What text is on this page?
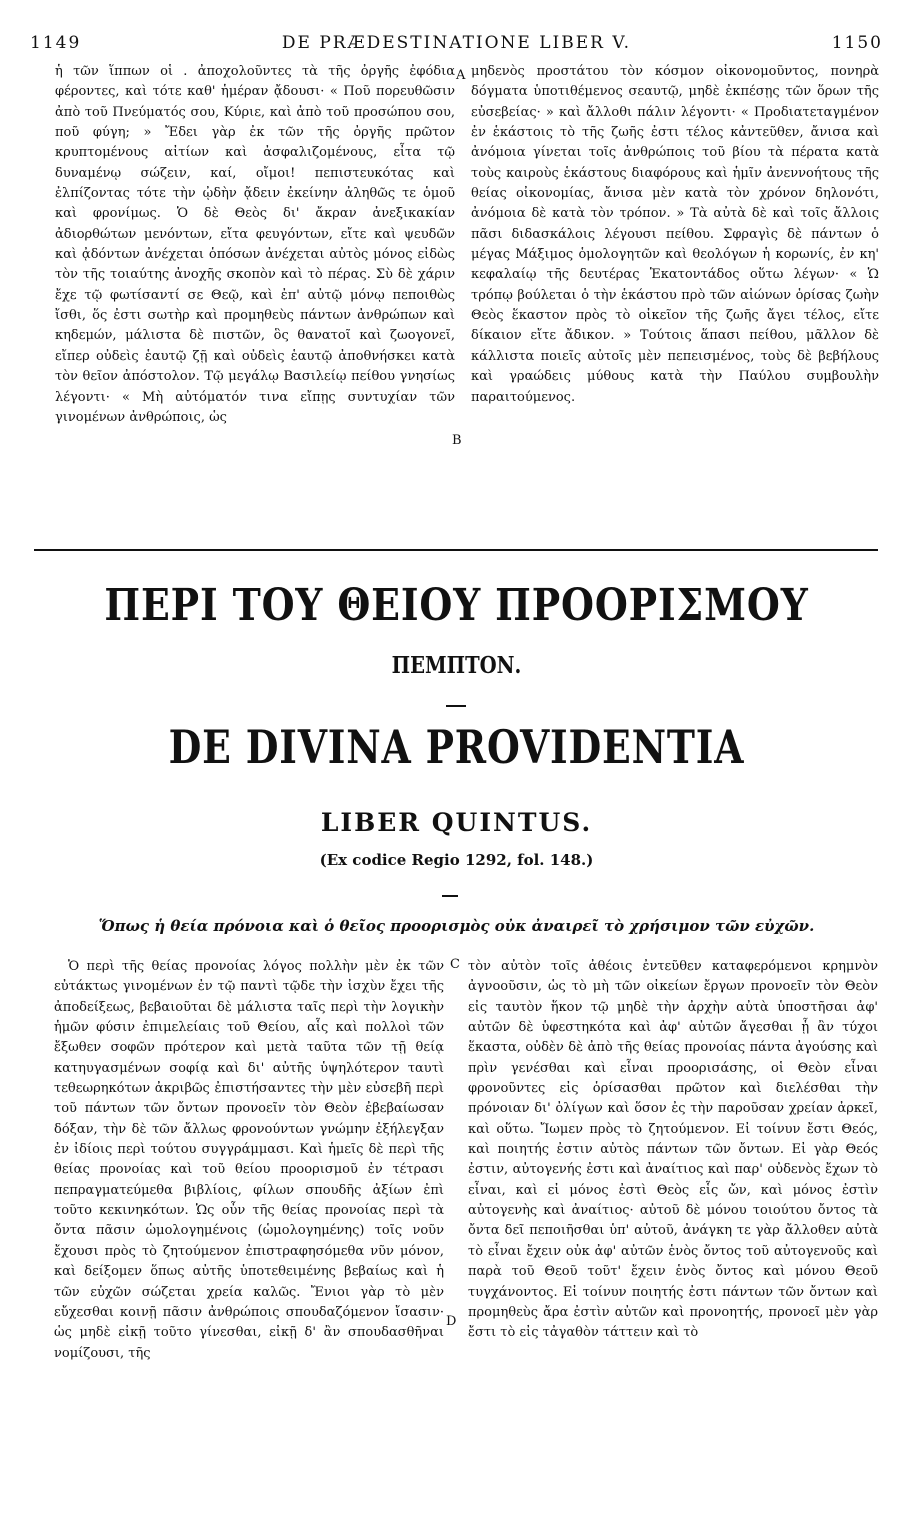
1149	DE PRÆDESTINATIONE LIBER V.	1150

ἡ τῶν ἵππων οἱ . ἀποχολοῦντες τὰ τῆς ὀργῆς ἐφόδια φέροντες, καὶ τότε καθ' ἡμέραν ᾄδουσι· « Ποῦ πορευθῶσιν ἀπὸ τοῦ Πνεύματός σου, Κύριε, καὶ ἀπὸ τοῦ προσώπου σου, ποῦ φύγη; » Ἔδει γὰρ ἐκ τῶν τῆς ὀργῆς πρῶτον κρυπτομένους αἰτίων καὶ ἀσφαλιζομένους, εἶτα τῷ δυναμένῳ σώζειν, καί, οἴμοι! πεπιστευκότας καὶ ἐλπίζοντας τότε τὴν ᾠδὴν ᾄδειν ἐκείνην ἀληθῶς τε ὁμοῦ καὶ φρονίμως. Ὁ δὲ Θεὸς δι' ἄκραν ἀνεξικακίαν ἀδιορθώτων μενόντων, εἴτα φευγόντων, εἴτε καὶ ψευδῶν καὶ ᾀδόντων ἀνέχεται ὁπόσων ἀνέχεται αὐτὸς μόνος εἰδὼς τὸν τῆς τοιαύτης ἀνοχῆς σκοπὸν καὶ τὸ πέρας. Σὺ δὲ χάριν ἔχε τῷ φωτίσαντί σε Θεῷ, καὶ ἐπ' αὐτῷ μόνῳ πεποιθὼς ἴσθι, ὅς ἐστι σωτὴρ καὶ προμηθεὺς πάντων ἀνθρώπων καὶ κηδεμών, μάλιστα δὲ πιστῶν, ὃς θανατοῖ καὶ ζωογονεῖ, εἴπερ οὐδεὶς ἑαυτῷ ζῇ καὶ οὐδεὶς ἑαυτῷ ἀποθνήσκει κατὰ τὸν θεῖον ἀπόστολον. Τῷ μεγάλῳ Βασιλείῳ πείθου γνησίως λέγοντι· « Μὴ αὐτόματόν τινα εἴπῃς συντυχίαν τῶν γινομένων ἀνθρώποις, ὡς

A
B

μηδενὸς προστάτου τὸν κόσμον οἰκονομοῦντος, πονηρὰ δόγματα ὑποτιθέμενος σεαυτῷ, μηδὲ ἐκπέσῃς τῶν ὅρων τῆς εὐσεβείας· » καὶ ἄλλοθι πάλιν λέγοντι· « Προδιατεταγμένον ἐν ἑκάστοις τὸ τῆς ζωῆς ἐστι τέλος κἀντεῦθεν, ἄνισα καὶ ἀνόμοια γίνεται τοῖς ἀνθρώποις τοῦ βίου τὰ πέρατα κατὰ τοὺς καιροὺς ἑκάστους διαφόρους καὶ ἡμῖν ἀνεννοήτους τῆς θείας οἰκονομίας, ἄνισα μὲν κατὰ τὸν χρόνον δηλονότι, ἀνόμοια δὲ κατὰ τὸν τρόπον. » Τὰ αὐτὰ δὲ καὶ τοῖς ἄλλοις πᾶσι διδασκάλοις λέγουσι πείθου. Σφραγὶς δὲ πάντων ὁ μέγας Μάξιμος ὁμολογητῶν καὶ θεολόγων ἡ κορωνίς, ἐν κη' κεφαλαίῳ τῆς δευτέρας Ἑκατοντάδος οὕτω λέγων· « Ὡ τρόπῳ βούλεται ὁ τὴν ἑκάστου πρὸ τῶν αἰώνων ὁρίσας ζωὴν Θεὸς ἕκαστον πρὸς τὸ οἰκεῖον τῆς ζωῆς ἄγει τέλος, εἴτε δίκαιον εἴτε ἄδικον. » Τούτοις ἅπασι πείθου, μᾶλλον δὲ κάλλιστα ποιεῖς αὐτοῖς μὲν πεπεισμένος, τοὺς δὲ βεβήλους καὶ γραώδεις μύθους κατὰ τὴν Παύλου συμβουλὴν παραιτούμενος.

ΠΕΡΙ ΤΟΥ ΘΕΙΟΥ ΠΡΟΟΡΙΣΜΟΥ
ΠΕΜΠΤΟΝ.
DE DIVINA PROVIDENTIA
LIBER QUINTUS.
(Ex codice Regio 1292, fol. 148.)
Ὅπως ἡ θεία πρόνοια καὶ ὁ θεῖος προορισμὸς οὐκ ἀναιρεῖ τὸ χρήσιμον τῶν εὐχῶν.

Ὁ περὶ τῆς θείας προνοίας λόγος πολλὴν μὲν ἐκ τῶν εὐτάκτως γινομένων ἐν τῷ παντὶ τῷδε τὴν ἰσχὺν ἔχει τῆς ἀποδείξεως, βεβαιοῦται δὲ μάλιστα ταῖς περὶ τὴν λογικὴν ἡμῶν φύσιν ἐπιμελείαις τοῦ Θείου, αἷς καὶ πολλοὶ τῶν ἔξωθεν σοφῶν πρότερον καὶ μετὰ ταῦτα τῶν τῇ θείᾳ κατηυγασμένων σοφίᾳ καὶ δι' αὐτῆς ὑψηλότερον ταυτὶ τεθεωρηκότων ἀκριβῶς ἐπιστήσαντες τὴν μὲν εὐσεβῆ περὶ τοῦ πάντων τῶν ὄντων προνοεῖν τὸν Θεὸν ἐβεβαίωσαν δόξαν, τὴν δὲ τῶν ἄλλως φρονούντων γνώμην ἐξήλεγξαν ἐν ἰδίοις περὶ τούτου συγγράμμασι. Καὶ ἡμεῖς δὲ περὶ τῆς θείας προνοίας καὶ τοῦ θείου προορισμοῦ ἐν τέτρασι πεπραγματεύμεθα βιβλίοις, φίλων σπουδῆς ἀξίων ἐπὶ τοῦτο κεκινηκότων. Ὡς οὖν τῆς θείας προνοίας περὶ τὰ ὄντα πᾶσιν ὡμολογημένοις (ὡμολογημένης) τοῖς νοῦν ἔχουσι πρὸς τὸ ζητούμενον ἐπιστραφησόμεθα νῦν μόνον, καὶ δείξομεν ὅπως αὐτῆς ὑποτεθειμένης βεβαίως καὶ ἡ τῶν εὐχῶν σώζεται χρεία καλῶς. Ἔνιοι γὰρ τὸ μὲν εὔχεσθαι κοινῇ πᾶσιν ἀνθρώποις σπουδαζόμενον ἴσασιν· ὡς μηδὲ εἰκῇ τοῦτο γίνεσθαι, εἰκῇ δ' ἂν σπουδασθῆναι νομίζουσι, τῆς

C
D

τὸν αὐτὸν τοῖς ἀθέοις ἐντεῦθεν καταφερόμενοι κρημνὸν ἀγνοοῦσιν, ὡς τὸ μὴ τῶν οἰκείων ἔργων προνοεῖν τὸν Θεὸν εἰς ταυτὸν ἥκον τῷ μηδὲ τὴν ἀρχὴν αὐτὰ ὑποστῆσαι ἀφ' αὐτῶν δὲ ὑφεστηκότα καὶ ἀφ' αὐτῶν ἄγεσθαι ᾗ ἂν τύχοι ἕκαστα, οὐδὲν δὲ ἀπὸ τῆς θείας προνοίας πάντα ἀγούσης καὶ πρὶν γενέσθαι καὶ εἶναι προορισάσης, οἱ Θεὸν εἶναι φρονοῦντες εἰς ὁρίσασθαι πρῶτον καὶ διελέσθαι τὴν πρόνοιαν δι' ὀλίγων καὶ ὅσον ἐς τὴν παροῦσαν χρείαν ἀρκεῖ, καὶ οὕτω. Ἴωμεν πρὸς τὸ ζητούμενον. Εἰ τοίνυν ἔστι Θεός, καὶ ποιητής ἐστιν αὐτὸς πάντων τῶν ὄντων. Εἰ γὰρ Θεός ἐστιν, αὐτογενής ἐστι καὶ ἀναίτιος καὶ παρ' οὐδενὸς ἔχων τὸ εἶναι, καὶ εἰ μόνος ἐστὶ Θεὸς εἷς ὤν, καὶ μόνος ἐστὶν αὐτογενὴς καὶ ἀναίτιος· αὐτοῦ δὲ μόνου τοιούτου ὄντος τὰ ὄντα δεῖ πεποιῆσθαι ὑπ' αὐτοῦ, ἀνάγκη τε γὰρ ἄλλοθεν αὐτὰ τὸ εἶναι ἔχειν οὐκ ἀφ' αὐτῶν ἑνὸς ὄντος τοῦ αὐτογενοῦς καὶ παρὰ τοῦ Θεοῦ τοῦτ' ἔχειν ἑνὸς ὄντος καὶ μόνου Θεοῦ τυγχάνοντος. Εἰ τοίνυν ποιητής ἐστι πάντων τῶν ὄντων καὶ προμηθεὺς ἄρα ἐστὶν αὐτῶν καὶ προνοητής, προνοεῖ μὲν γὰρ ἔστι τὸ εἰς τἀγαθὸν τάττειν καὶ τὸ
